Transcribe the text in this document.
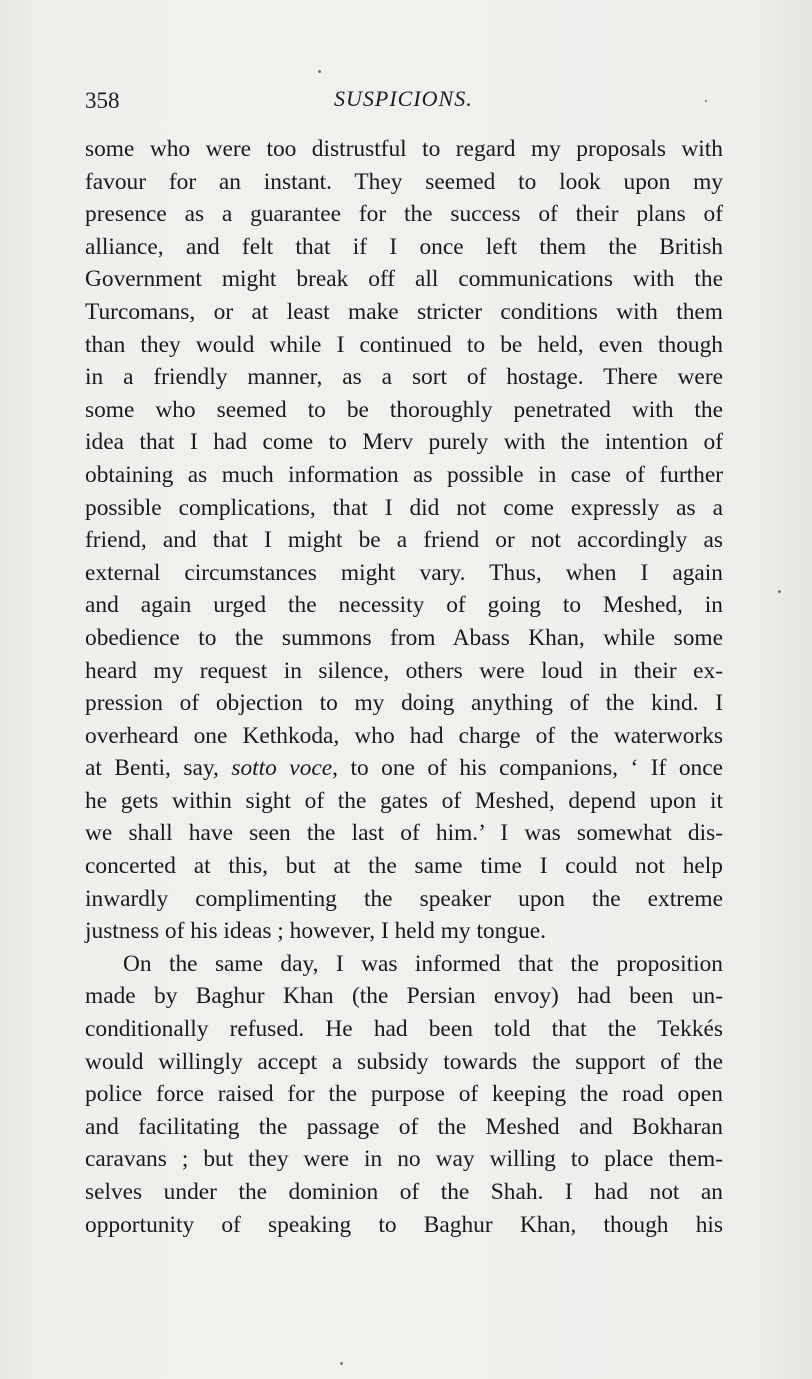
358	SUSPICIONS.
some who were too distrustful to regard my proposals with
favour for an instant. They seemed to look upon my
presence as a guarantee for the success of their plans of
alliance, and felt that if I once left them the British
Government might break off all communications with the
Turcomans, or at least make stricter conditions with them
than they would while I continued to be held, even though
in a friendly manner, as a sort of hostage. There were
some who seemed to be thoroughly penetrated with the
idea that I had come to Merv purely with the intention of
obtaining as much information as possible in case of further
possible complications, that I did not come expressly as a
friend, and that I might be a friend or not accordingly as
external circumstances might vary. Thus, when I again
and again urged the necessity of going to Meshed, in
obedience to the summons from Abass Khan, while some
heard my request in silence, others were loud in their ex-
pression of objection to my doing anything of the kind. I
overheard one Kethkoda, who had charge of the waterworks
at Benti, say, sotto voce, to one of his companions, ‘ If once
he gets within sight of the gates of Meshed, depend upon it
we shall have seen the last of him.’ I was somewhat dis-
concerted at this, but at the same time I could not help
inwardly complimenting the speaker upon the extreme
justness of his ideas ; however, I held my tongue.
On the same day, I was informed that the proposition
made by Baghur Khan (the Persian envoy) had been un-
conditionally refused. He had been told that the Tekkés
would willingly accept a subsidy towards the support of the
police force raised for the purpose of keeping the road open
and facilitating the passage of the Meshed and Bokharan
caravans ; but they were in no way willing to place them-
selves under the dominion of the Shah. I had not an
opportunity of speaking to Baghur Khan, though his
